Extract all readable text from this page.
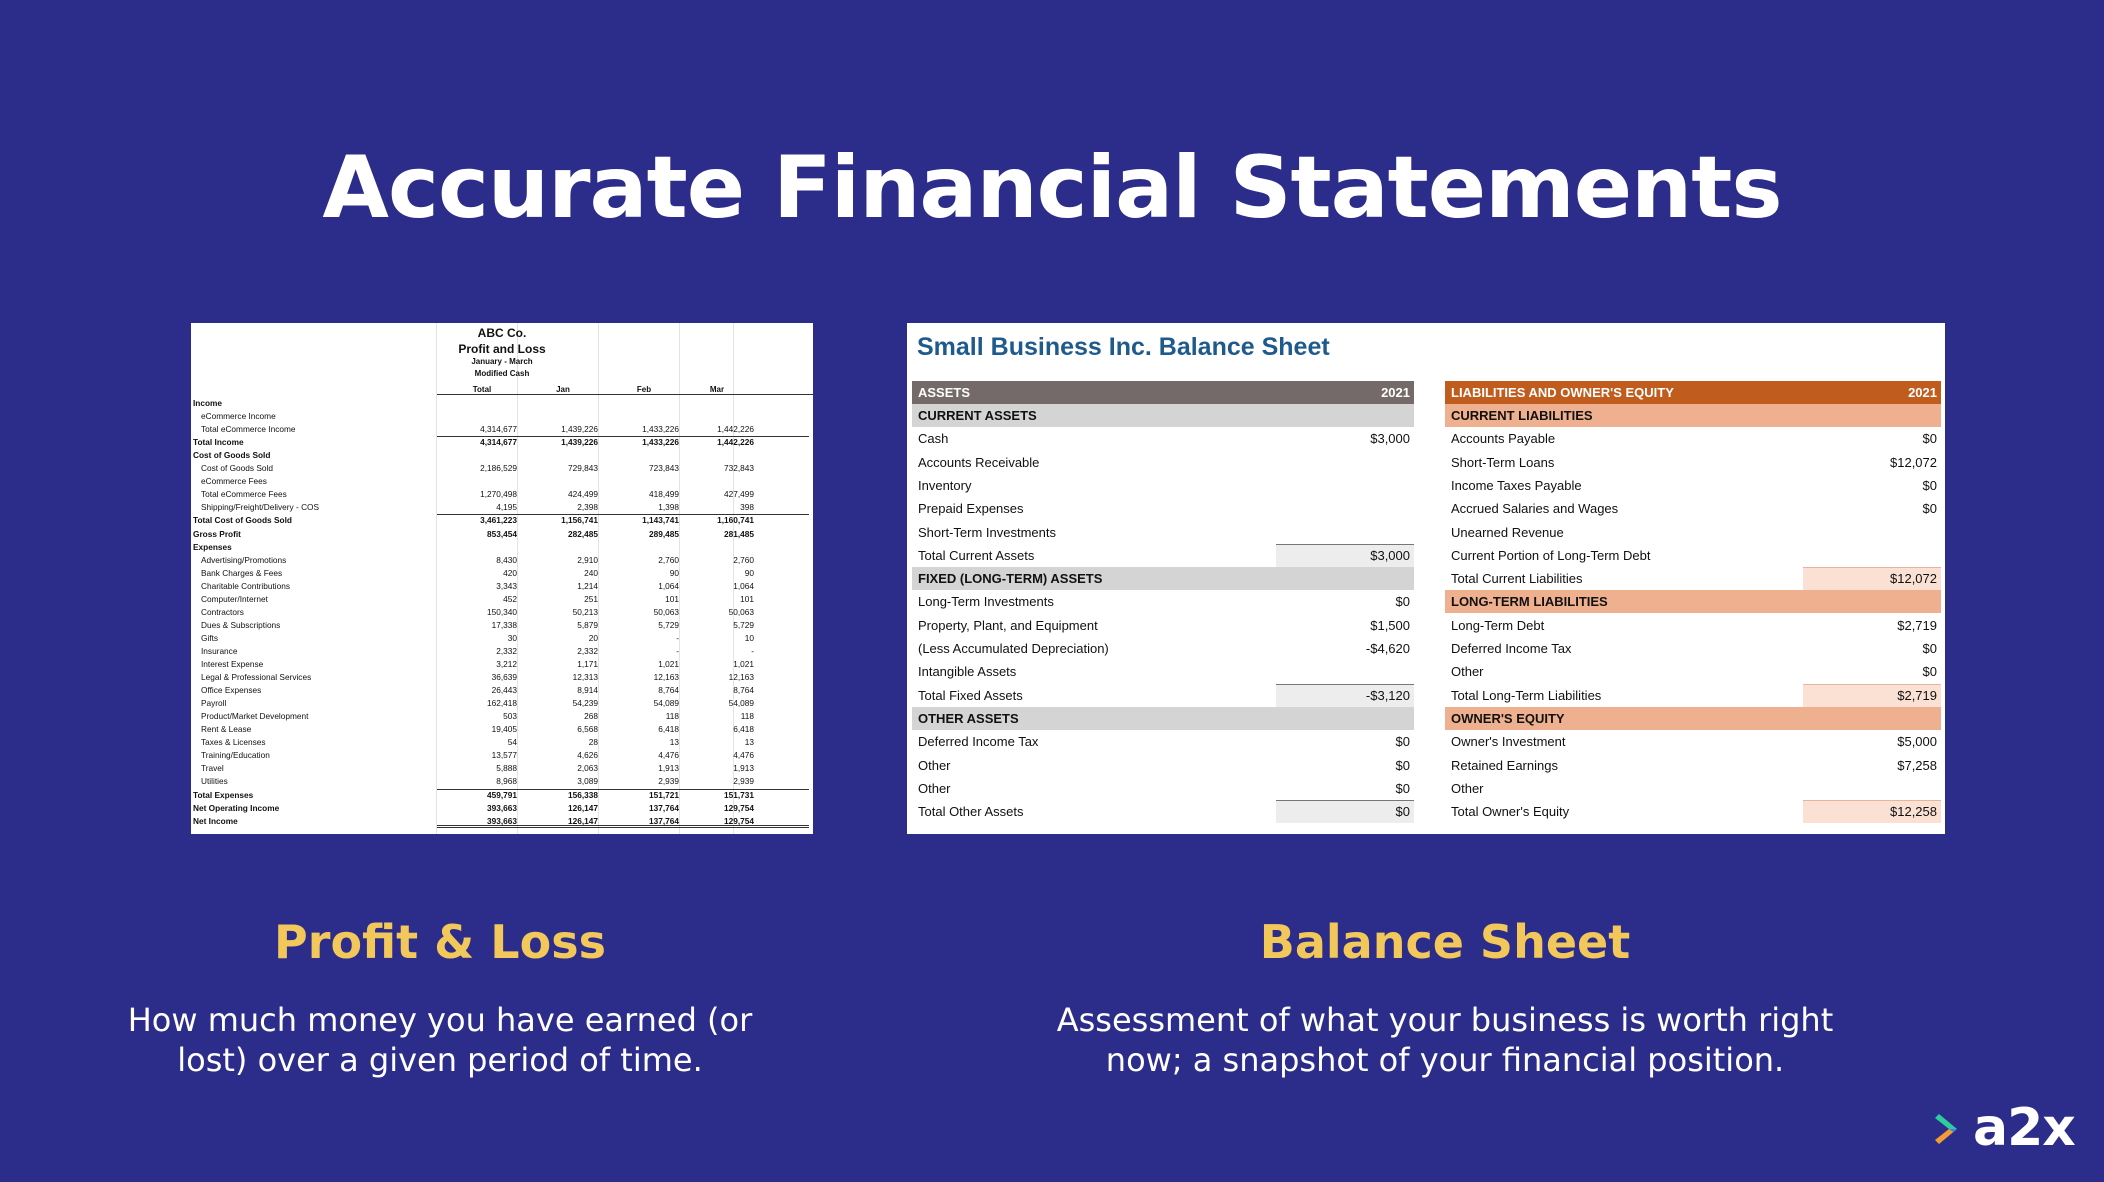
Accurate Financial Statements
ABC Co.
Profit and Loss
January - March
Modified Cash
Total	Jan	Feb	Mar
Income
eCommerce Income
Total eCommerce Income	4,314,677	1,439,226	1,433,226	1,442,226
Total Income	4,314,677	1,439,226	1,433,226	1,442,226
Cost of Goods Sold
Cost of Goods Sold	2,186,529	729,843	723,843	732,843
eCommerce Fees
Total eCommerce Fees	1,270,498	424,499	418,499	427,499
Shipping/Freight/Delivery - COS	4,195	2,398	1,398	398
Total Cost of Goods Sold	3,461,223	1,156,741	1,143,741	1,160,741
Gross Profit	853,454	282,485	289,485	281,485
Expenses
Advertising/Promotions	8,430	2,910	2,760	2,760
Bank Charges & Fees	420	240	90	90
Charitable Contributions	3,343	1,214	1,064	1,064
Computer/Internet	452	251	101	101
Contractors	150,340	50,213	50,063	50,063
Dues & Subscriptions	17,338	5,879	5,729	5,729
Gifts	30	20	-	10
Insurance	2,332	2,332	-	-
Interest Expense	3,212	1,171	1,021	1,021
Legal & Professional Services	36,639	12,313	12,163	12,163
Office Expenses	26,443	8,914	8,764	8,764
Payroll	162,418	54,239	54,089	54,089
Product/Market Development	503	268	118	118
Rent & Lease	19,405	6,568	6,418	6,418
Taxes & Licenses	54	28	13	13
Training/Education	13,577	4,626	4,476	4,476
Travel	5,888	2,063	1,913	1,913
Utilities	8,968	3,089	2,939	2,939
Total Expenses	459,791	156,338	151,721	151,731
Net Operating Income	393,663	126,147	137,764	129,754
Net Income	393,663	126,147	137,764	129,754
Small Business Inc. Balance Sheet
ASSETS	2021	LIABILITIES AND OWNER'S EQUITY	2021
CURRENT ASSETS
Cash	$3,000
Accounts Receivable
Inventory
Prepaid Expenses
Short-Term Investments
Total Current Assets	$3,000
FIXED (LONG-TERM) ASSETS
Long-Term Investments	$0
Property, Plant, and Equipment	$1,500
(Less Accumulated Depreciation)	-$4,620
Intangible Assets
Total Fixed Assets	-$3,120
OTHER ASSETS
Deferred Income Tax	$0
Other	$0
Other	$0
Total Other Assets	$0
CURRENT LIABILITIES
Accounts Payable	$0
Short-Term Loans	$12,072
Income Taxes Payable	$0
Accrued Salaries and Wages	$0
Unearned Revenue
Current Portion of Long-Term Debt
Total Current Liabilities	$12,072
LONG-TERM LIABILITIES
Long-Term Debt	$2,719
Deferred Income Tax	$0
Other	$0
Total Long-Term Liabilities	$2,719
OWNER'S EQUITY
Owner's Investment	$5,000
Retained Earnings	$7,258
Other
Total Owner's Equity	$12,258
Profit & Loss
How much money you have earned (or
lost) over a given period of time.
Balance Sheet
Assessment of what your business is worth right
now; a snapshot of your financial position.
a2x
